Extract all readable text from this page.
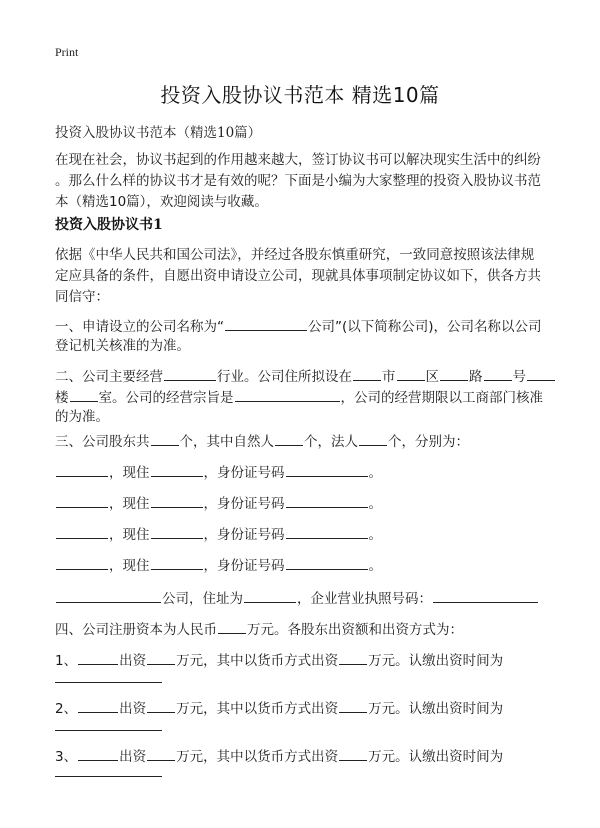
Print
投资入股协议书范本 精选10篇
投资入股协议书范本（精选10篇）
在现在社会，协议书起到的作用越来越大，签订协议书可以解决现实生活中的纠纷
。那么什么样的协议书才是有效的呢？下面是小编为大家整理的投资入股协议书范
本（精选10篇），欢迎阅读与收藏。
投资入股协议书1
依据《中华人民共和国公司法》，并经过各股东慎重研究，一致同意按照该法律规
定应具备的条件，自愿出资申请设立公司，现就具体事项制定协议如下，供各方共
同信守：
一、申请设立的公司名称为“	公司”(以下简称公司)，公司名称以公司
登记机关核准的为准。
二、公司主要经营	行业。公司住所拟设在 市 区 路 号
楼 室。公司的经营宗旨是	，公司的经营期限以工商部门核准
的为准。
三、公司股东共 个，其中自然人 个，法人 个，分别为：
，现住	，身份证号码	。
，现住	，身份证号码	。
，现住	，身份证号码	。
，现住	，身份证号码	。
公司，住址为	，企业营业执照号码：
四、公司注册资本为人民币 万元。各股东出资额和出资方式为：
1、	出资 万元，其中以货币方式出资 万元。认缴出资时间为
2、	出资 万元，其中以货币方式出资 万元。认缴出资时间为
3、	出资 万元，其中以货币方式出资 万元。认缴出资时间为
